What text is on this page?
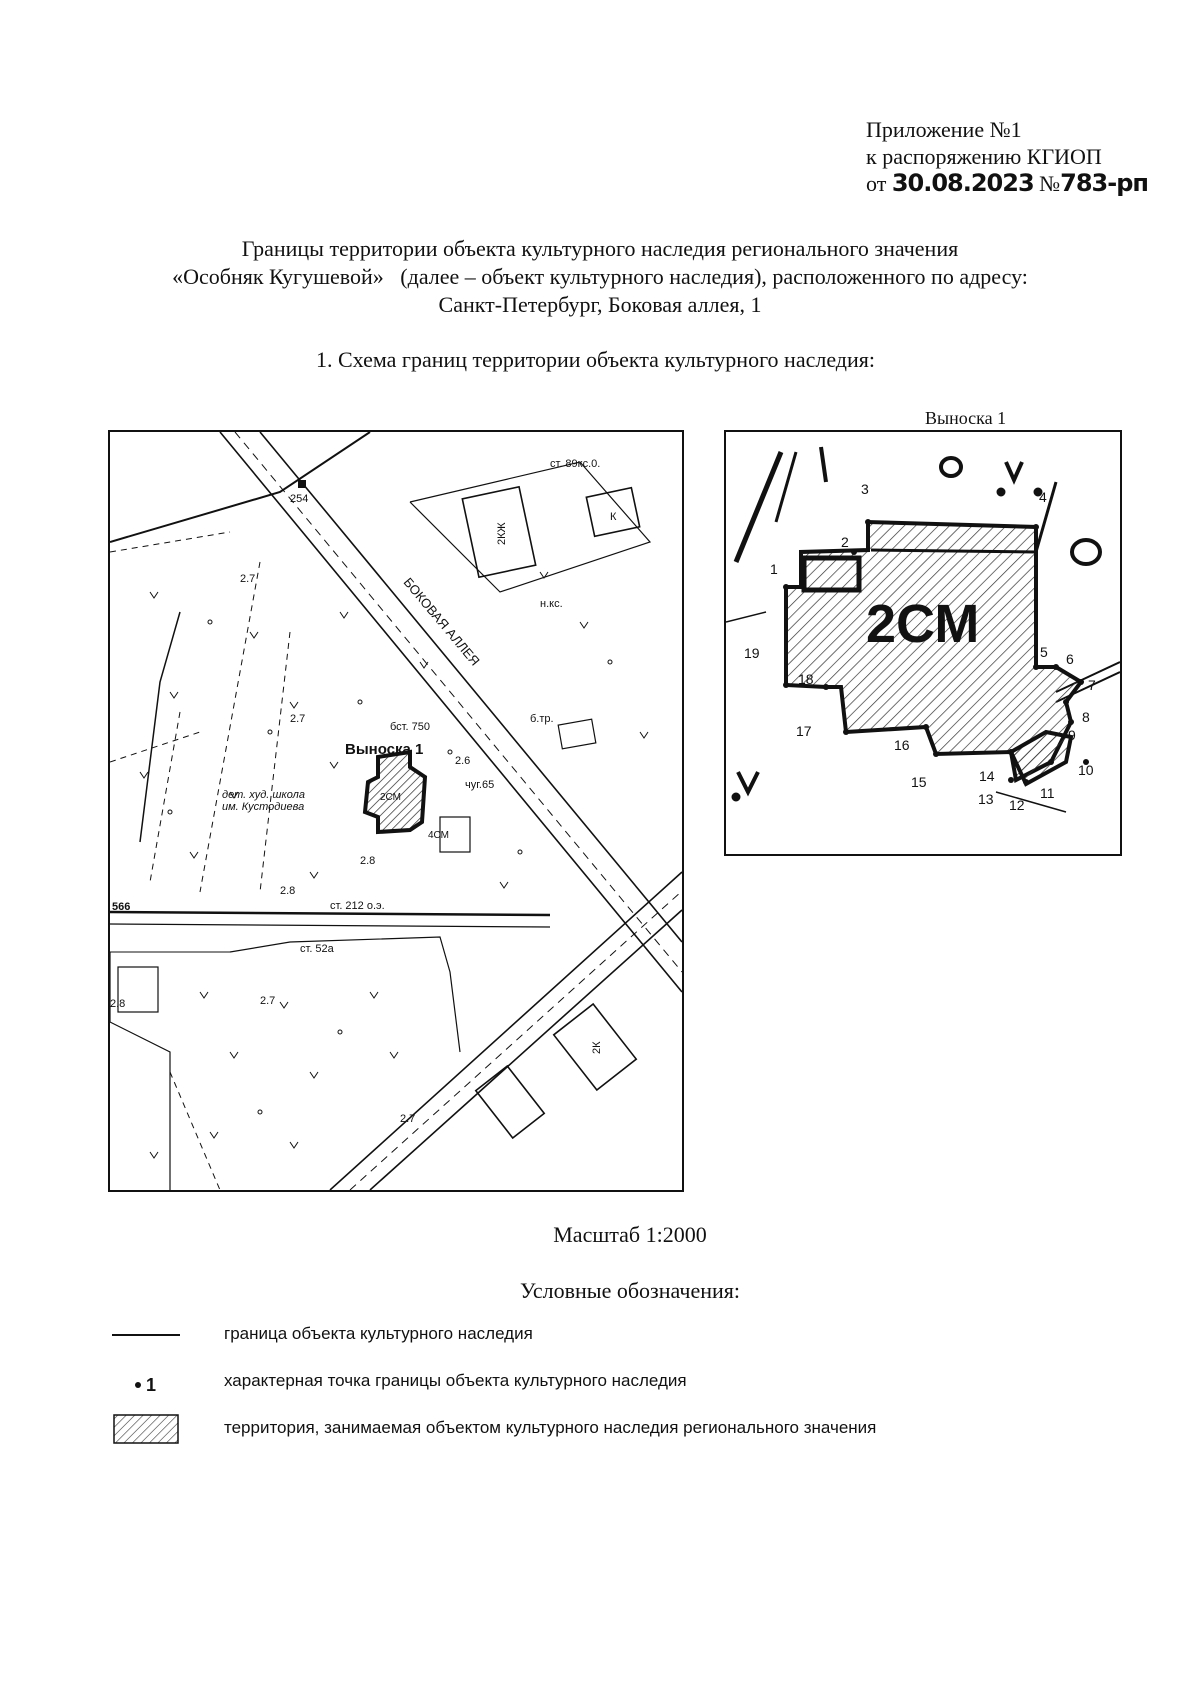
Приложение №1
к распоряжению КГИОП
от 30.08.2023 №783-рп
Границы территории объекта культурного наследия регионального значения
«Особняк Кугушевой»   (далее – объект культурного наследия), расположенного по адресу:
Санкт-Петербург, Боковая аллея, 1
1. Схема границ территории объекта культурного наследия:
254
566
2КЖ
К
2К
БОКОВАЯ АЛЛЕЯ
дет. худ. школа
им. Кустодиева
2СМ
4СМ
Выноска 1
2.7
2.7
2.8
2.6
2.8
2.7
2.8
2.7
ст. 212 о.э.
бст. 750
б.тр.
н.кс.
чуг.65
ст. 52a
ст. 89кс.0.
Выноска 1
2СМ
1
2
3	4
5 6
7
8
9
10
11
12
13
14
15
16
17
18
19
Масштаб 1:2000
Условные обозначения:
граница объекта культурного наследия
1	характерная точка границы объекта культурного наследия
территория, занимаемая объектом культурного наследия регионального значения
